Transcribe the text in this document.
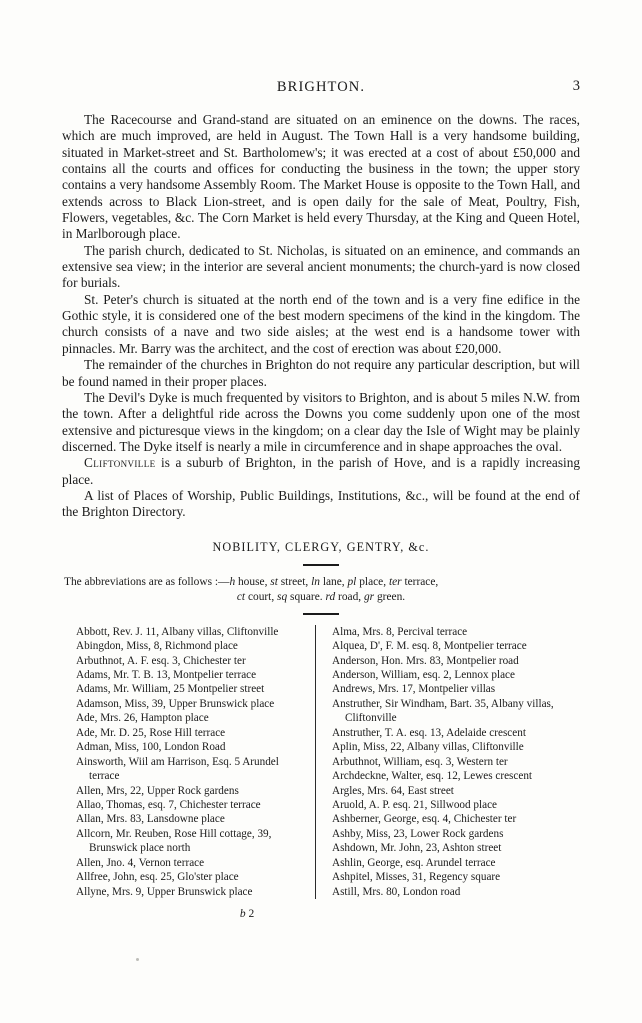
BRIGHTON.	3

The Racecourse and Grand-stand are situated on an eminence on the downs. The races, which are much improved, are held in August. The Town Hall is a very handsome building, situated in Market-street and St. Bartholomew's; it was erected at a cost of about £50,000 and contains all the courts and offices for conducting the business in the town; the upper story contains a very handsome Assembly Room. The Market House is opposite to the Town Hall, and extends across to Black Lion-street, and is open daily for the sale of Meat, Poultry, Fish, Flowers, vegetables, &c. The Corn Market is held every Thursday, at the King and Queen Hotel, in Marlborough place.

The parish church, dedicated to St. Nicholas, is situated on an eminence, and commands an extensive sea view; in the interior are several ancient monuments; the church-yard is now closed for burials.

St. Peter's church is situated at the north end of the town and is a very fine edifice in the Gothic style, it is considered one of the best modern specimens of the kind in the kingdom. The church consists of a nave and two side aisles; at the west end is a handsome tower with pinnacles. Mr. Barry was the architect, and the cost of erection was about £20,000.

The remainder of the churches in Brighton do not require any particular description, but will be found named in their proper places.

The Devil's Dyke is much frequented by visitors to Brighton, and is about 5 miles N.W. from the town. After a delightful ride across the Downs you come suddenly upon one of the most extensive and picturesque views in the kingdom; on a clear day the Isle of Wight may be plainly discerned. The Dyke itself is nearly a mile in circumference and in shape approaches the oval.

Cliftonville is a suburb of Brighton, in the parish of Hove, and is a rapidly increasing place.

A list of Places of Worship, Public Buildings, Institutions, &c., will be found at the end of the Brighton Directory.

NOBILITY, CLERGY, GENTRY, &c.
The abbreviations are as follows :—h house, st street, ln lane, pl place, ter terrace,
ct court, sq square. rd road, gr green.

Abbott, Rev. J. 11, Albany villas, Cliftonville

Abingdon, Miss, 8, Richmond place

Arbuthnot, A. F. esq. 3, Chichester ter

Adams, Mr. T. B. 13, Montpelier terrace

Adams, Mr. William, 25 Montpelier street

Adamson, Miss, 39, Upper Brunswick place

Ade, Mrs. 26, Hampton place

Ade, Mr. D. 25, Rose Hill terrace

Adman, Miss, 100, London Road

Ainsworth, Wiil am Harrison, Esq. 5 Arundel terrace

Allen, Mrs, 22, Upper Rock gardens

Allao, Thomas, esq. 7, Chichester terrace

Allan, Mrs. 83, Lansdowne place

Allcorn, Mr. Reuben, Rose Hill cottage, 39, Brunswick place north

Allen, Jno. 4, Vernon terrace

Allfree, John, esq. 25, Glo'ster place

Allyne, Mrs. 9, Upper Brunswick place

Alma, Mrs. 8, Percival terrace

Alquea, D', F. M. esq. 8, Montpelier terrace

Anderson, Hon. Mrs. 83, Montpelier road

Anderson, William, esq. 2, Lennox place

Andrews, Mrs. 17, Montpelier villas

Anstruther, Sir Windham, Bart. 35, Albany villas, Cliftonville

Anstruther, T. A. esq. 13, Adelaide crescent

Aplin, Miss, 22, Albany villas, Cliftonville

Arbuthnot, William, esq. 3, Western ter

Archdeckne, Walter, esq. 12, Lewes crescent

Argles, Mrs. 64, East street

Aruold, A. P. esq. 21, Sillwood place

Ashberner, George, esq. 4, Chichester ter

Ashby, Miss, 23, Lower Rock gardens

Ashdown, Mr. John, 23, Ashton street

Ashlin, George, esq. Arundel terrace

Ashpitel, Misses, 31, Regency square

Astill, Mrs. 80, London road

b 2
